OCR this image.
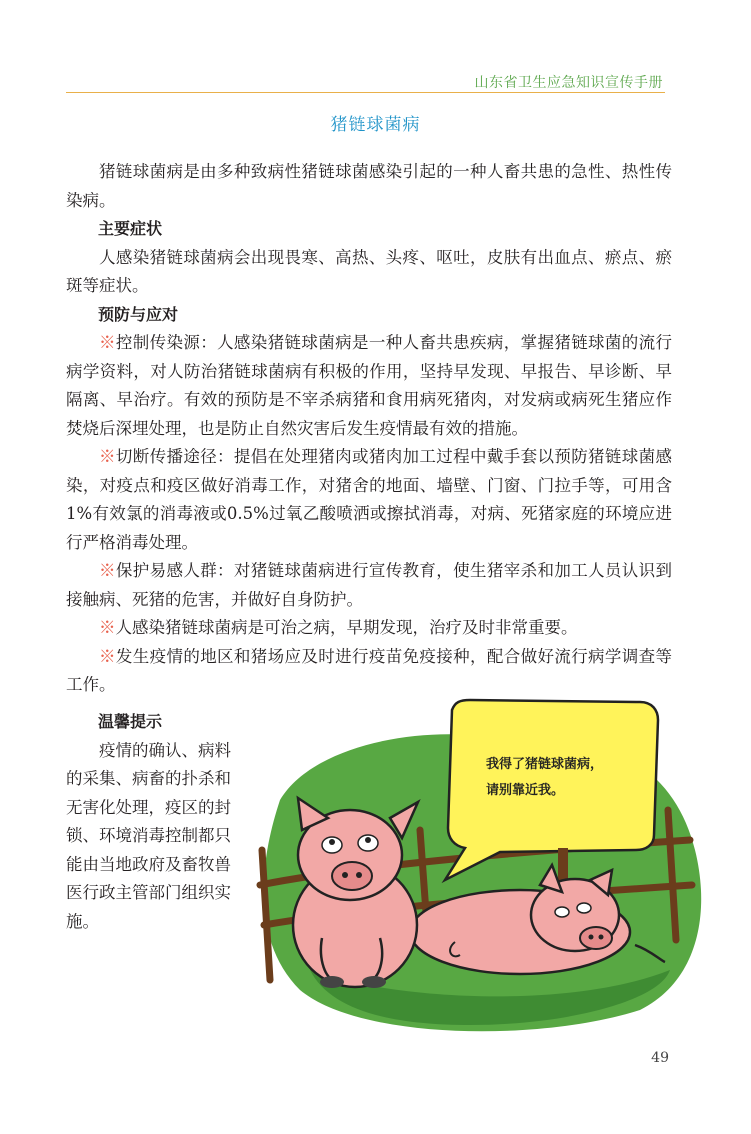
山东省卫生应急知识宣传手册
猪链球菌病

猪链球菌病是由多种致病性猪链球菌感染引起的一种人畜共患的急性、热性传染病。

主要症状

人感染猪链球菌病会出现畏寒、高热、头疼、呕吐，皮肤有出血点、瘀点、瘀斑等症状。

预防与应对

※控制传染源：人感染猪链球菌病是一种人畜共患疾病，掌握猪链球菌的流行病学资料，对人防治猪链球菌病有积极的作用，坚持早发现、早报告、早诊断、早隔离、早治疗。有效的预防是不宰杀病猪和食用病死猪肉，对发病或病死生猪应作焚烧后深埋处理，也是防止自然灾害后发生疫情最有效的措施。

※切断传播途径：提倡在处理猪肉或猪肉加工过程中戴手套以预防猪链球菌感染，对疫点和疫区做好消毒工作，对猪舍的地面、墙壁、门窗、门拉手等，可用含1%有效氯的消毒液或0.5%过氧乙酸喷洒或擦拭消毒，对病、死猪家庭的环境应进行严格消毒处理。

※保护易感人群：对猪链球菌病进行宣传教育，使生猪宰杀和加工人员认识到接触病、死猪的危害，并做好自身防护。

※人感染猪链球菌病是可治之病，早期发现，治疗及时非常重要。

※发生疫情的地区和猪场应及时进行疫苗免疫接种，配合做好流行病学调查等工作。

温馨提示

疫情的确认、病料的采集、病畜的扑杀和无害化处理，疫区的封锁、环境消毒控制都只能由当地政府及畜牧兽医行政主管部门组织实施。

我得了猪链球菌病，
请别靠近我。
49
